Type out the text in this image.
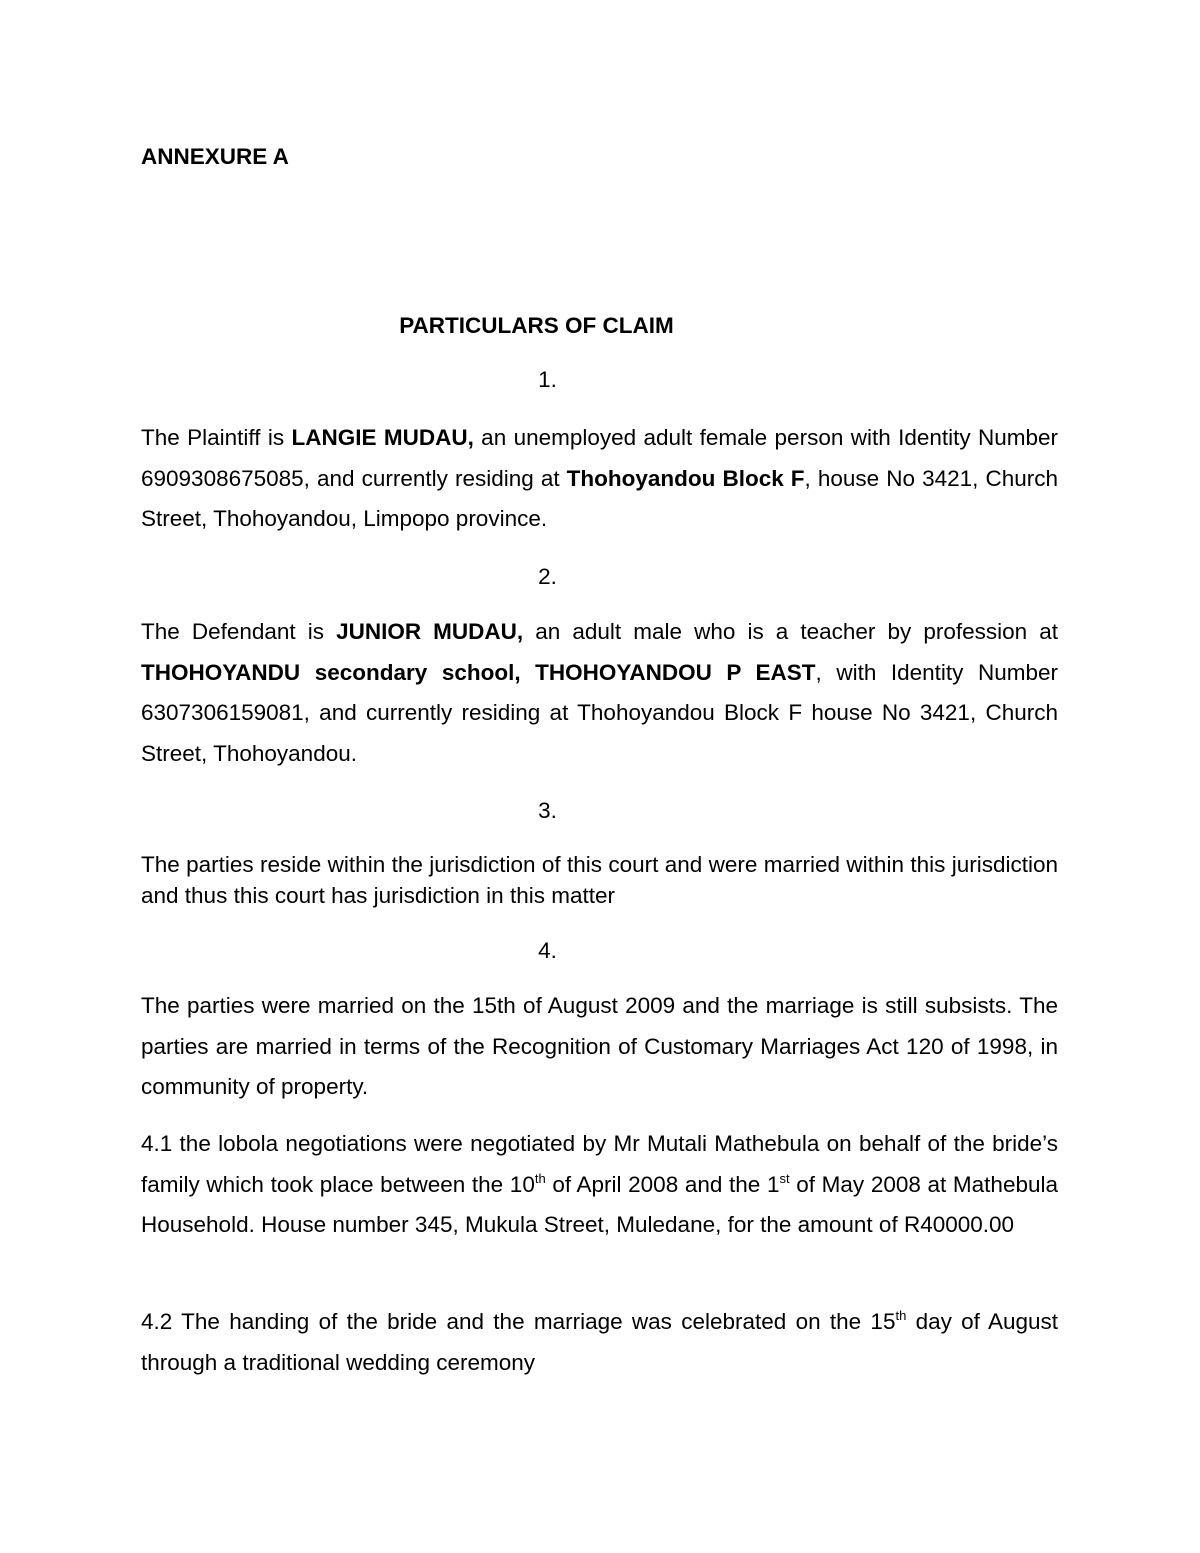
ANNEXURE A
PARTICULARS OF CLAIM
1.

The Plaintiff is LANGIE MUDAU, an unemployed adult female person with Identity Number 6909308675085, and currently residing at Thohoyandou Block F, house No 3421, Church Street, Thohoyandou, Limpopo province.

2.

The Defendant is JUNIOR MUDAU, an adult male who is a teacher by profession at THOHOYANDU secondary school, THOHOYANDOU P EAST, with Identity Number 6307306159081, and currently residing at Thohoyandou Block F house No 3421, Church Street, Thohoyandou.

3.

The parties reside within the jurisdiction of this court and were married within this jurisdiction and thus this court has jurisdiction in this matter

4.

The parties were married on the 15th of August 2009 and the marriage is still subsists. The parties are married in terms of the Recognition of Customary Marriages Act 120 of 1998, in community of property.

4.1 the lobola negotiations were negotiated by Mr Mutali Mathebula on behalf of the bride’s family which took place between the 10th of April 2008 and the 1st of May 2008 at Mathebula Household. House number 345, Mukula Street, Muledane, for the amount of R40000.00

4.2 The handing of the bride and the marriage was celebrated on the 15th day of August through a traditional wedding ceremony
